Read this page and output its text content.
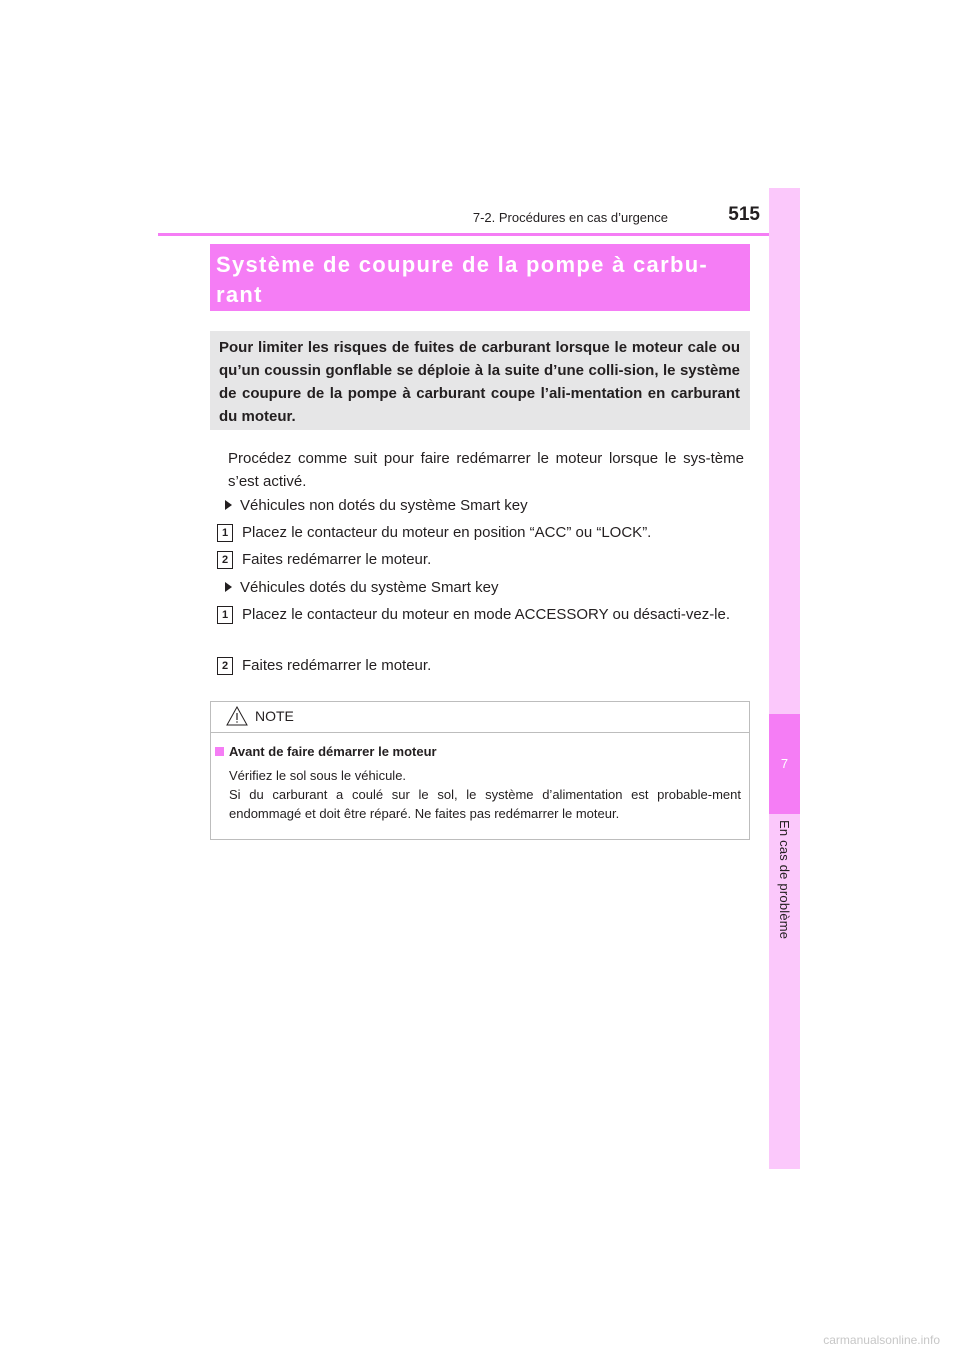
7-2. Procédures en cas d’urgence	515
7
En cas de problème
Système de coupure de la pompe à carbu-rant
Pour limiter les risques de fuites de carburant lorsque le moteur cale ou qu’un coussin gonflable se déploie à la suite d’une colli-sion, le système de coupure de la pompe à carburant coupe l’ali-mentation en carburant du moteur.
Procédez comme suit pour faire redémarrer le moteur lorsque le sys-tème s’est activé.
Véhicules non dotés du système Smart key
1 Placez le contacteur du moteur en position “ACC” ou “LOCK”.
2 Faites redémarrer le moteur.
Véhicules dotés du système Smart key
1 Placez le contacteur du moteur en mode ACCESSORY ou désacti-vez-le.
2 Faites redémarrer le moteur.
NOTE
Avant de faire démarrer le moteur
Vérifiez le sol sous le véhicule.
Si du carburant a coulé sur le sol, le système d’alimentation est probable-ment endommagé et doit être réparé. Ne faites pas redémarrer le moteur.
carmanualsonline.info
